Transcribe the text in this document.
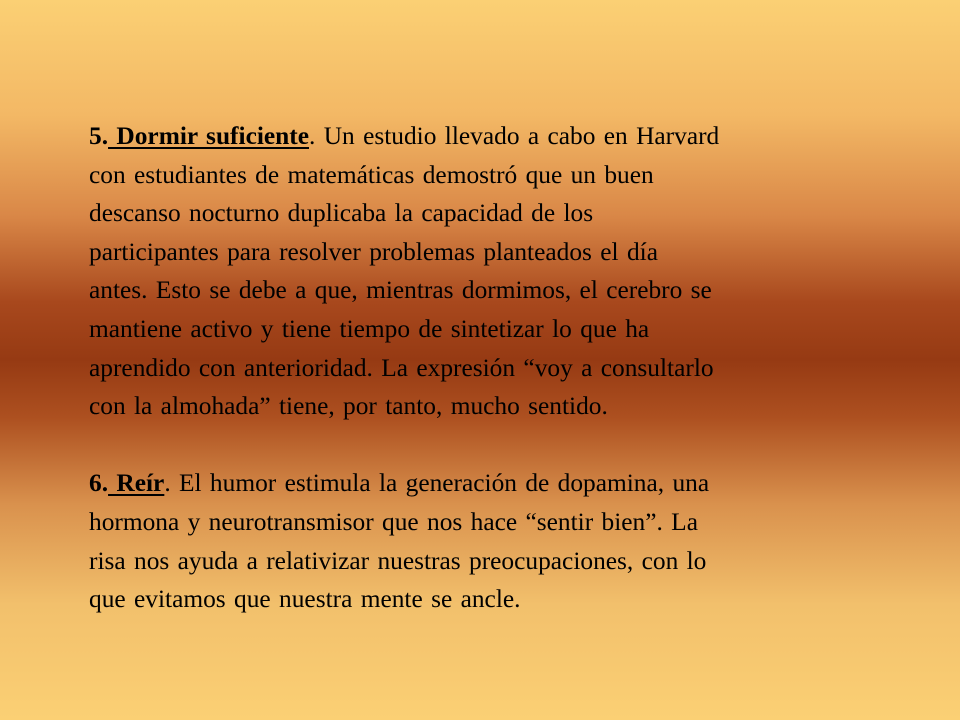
5. Dormir suficiente. Un estudio llevado a cabo en Harvard
con estudiantes de matemáticas demostró que un buen
descanso nocturno duplicaba la capacidad de los
participantes para resolver problemas planteados el día
antes. Esto se debe a que, mientras dormimos, el cerebro se
mantiene activo y tiene tiempo de sintetizar lo que ha
aprendido con anterioridad. La expresión “voy a consultarlo
con la almohada” tiene, por tanto, mucho sentido.

6. Reír. El humor estimula la generación de dopamina, una
hormona y neurotransmisor que nos hace “sentir bien”. La
risa nos ayuda a relativizar nuestras preocupaciones, con lo
que evitamos que nuestra mente se ancle.
